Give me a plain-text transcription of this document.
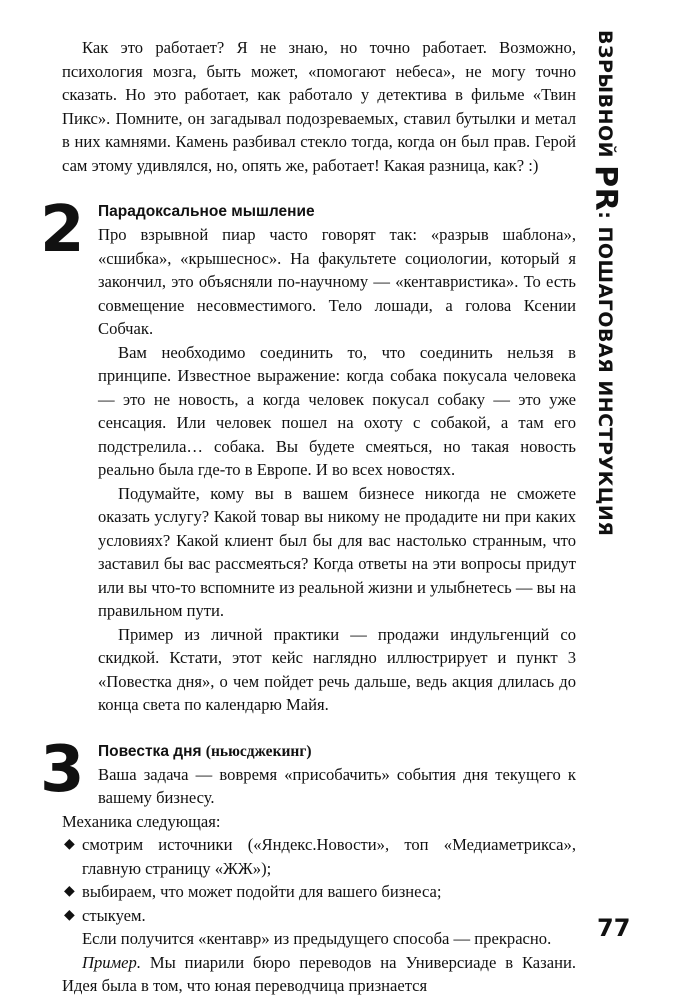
ВЗРЫВНОЙ PR: ПОШАГОВАЯ ИНСТРУКЦИЯ

Как это работает? Я не знаю, но точно работает. Возможно, психология мозга, быть может, «помогают небеса», не могу точно сказать. Но это работает, как работало у детектива в фильме «Твин Пикс». Помните, он загадывал подозреваемых, ставил бутылки и метал в них камнями. Камень разбивал стекло тогда, когда он был прав. Герой сам этому удивлялся, но, опять же, работает! Какая разница, как? :)

2 Парадоксальное мышление

Про взрывной пиар часто говорят так: «разрыв шаблона», «сшибка», «крышеснос». На факультете социологии, который я закончил, это объясняли по-научному — «кентавристика». То есть совмещение несовместимого. Тело лошади, а голова Ксении Собчак.

Вам необходимо соединить то, что соединить нельзя в принципе. Известное выражение: когда собака покусала человека — это не новость, а когда человек покусал собаку — это уже сенсация. Или человек пошел на охоту с собакой, а там его подстрелила… собака. Вы будете смеяться, но такая новость реально была где-то в Европе. И во всех новостях.

Подумайте, кому вы в вашем бизнесе никогда не сможете оказать услугу? Какой товар вы никому не продадите ни при каких условиях? Какой клиент был бы для вас настолько странным, что заставил бы вас рассмеяться? Когда ответы на эти вопросы придут или вы что-то вспомните из реальной жизни и улыбнетесь — вы на правильном пути.

Пример из личной практики — продажи индульгенций со скидкой. Кстати, этот кейс наглядно иллюстрирует и пункт 3 «Повестка дня», о чем пойдет речь дальше, ведь акция длилась до конца света по календарю Майя.

3 Повестка дня (ньюсджекинг)

Ваша задача — вовремя «присобачить» события дня текущего к вашему бизнесу.

Механика следующая:

◆ смотрим источники («Яндекс.Новости», топ «Медиаметрикса», главную страницу «ЖЖ»);
◆ выбираем, что может подойти для вашего бизнеса;
◆ стыкуем.

Если получится «кентавр» из предыдущего способа — прекрасно.

Пример. Мы пиарили бюро переводов на Универсиаде в Казани. Идея была в том, что юная переводчица признается

77
